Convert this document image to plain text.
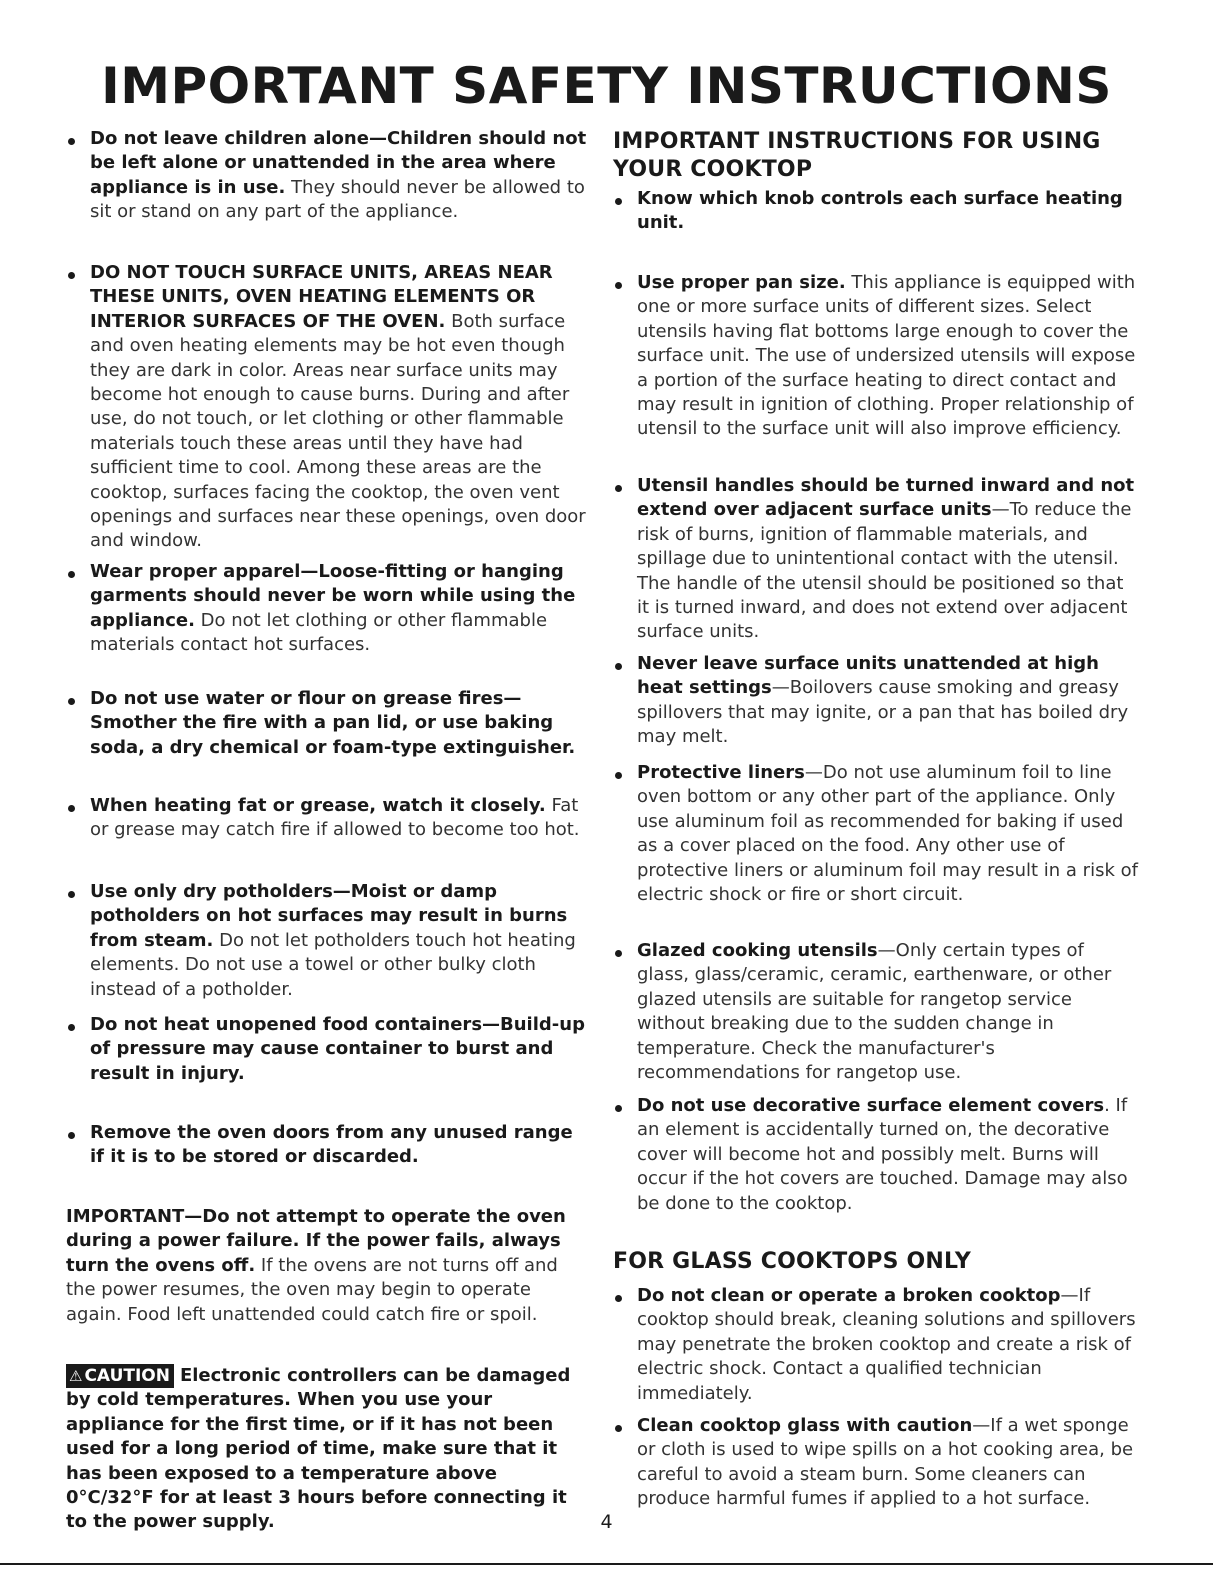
IMPORTANT SAFETY INSTRUCTIONS
Do not leave children alone—Children should not be left alone or unattended in the area where appliance is in use. They should never be allowed to sit or stand on any part of the appliance.
DO NOT TOUCH SURFACE UNITS, AREAS NEAR THESE UNITS, OVEN HEATING ELEMENTS OR INTERIOR SURFACES OF THE OVEN. Both surface and oven heating elements may be hot even though they are dark in color. Areas near surface units may become hot enough to cause burns. During and after use, do not touch, or let clothing or other flammable materials touch these areas until they have had sufficient time to cool. Among these areas are the cooktop, surfaces facing the cooktop, the oven vent openings and surfaces near these openings, oven door and window.
Wear proper apparel—Loose-fitting or hanging garments should never be worn while using the appliance. Do not let clothing or other flammable materials contact hot surfaces.
Do not use water or flour on grease fires—Smother the fire with a pan lid, or use baking soda, a dry chemical or foam-type extinguisher.
When heating fat or grease, watch it closely. Fat or grease may catch fire if allowed to become too hot.
Use only dry potholders—Moist or damp potholders on hot surfaces may result in burns from steam. Do not let potholders touch hot heating elements. Do not use a towel or other bulky cloth instead of a potholder.
Do not heat unopened food containers—Build-up of pressure may cause container to burst and result in injury.
Remove the oven doors from any unused range if it is to be stored or discarded.
IMPORTANT—Do not attempt to operate the oven during a power failure. If the power fails, always turn the ovens off. If the ovens are not turns off and the power resumes, the oven may begin to operate again. Food left unattended could catch fire or spoil.
⚠ CAUTION Electronic controllers can be damaged by cold temperatures. When you use your appliance for the first time, or if it has not been used for a long period of time, make sure that it has been exposed to a temperature above 0°C/32°F for at least 3 hours before connecting it to the power supply.
IMPORTANT INSTRUCTIONS FOR USING YOUR COOKTOP
Know which knob controls each surface heating unit.
Use proper pan size. This appliance is equipped with one or more surface units of different sizes. Select utensils having flat bottoms large enough to cover the surface unit. The use of undersized utensils will expose a portion of the surface heating to direct contact and may result in ignition of clothing. Proper relationship of utensil to the surface unit will also improve efficiency.
Utensil handles should be turned inward and not extend over adjacent surface units—To reduce the risk of burns, ignition of flammable materials, and spillage due to unintentional contact with the utensil. The handle of the utensil should be positioned so that it is turned inward, and does not extend over adjacent surface units.
Never leave surface units unattended at high heat settings—Boilovers cause smoking and greasy spillovers that may ignite, or a pan that has boiled dry may melt.
Protective liners—Do not use aluminum foil to line oven bottom or any other part of the appliance. Only use aluminum foil as recommended for baking if used as a cover placed on the food. Any other use of protective liners or aluminum foil may result in a risk of electric shock or fire or short circuit.
Glazed cooking utensils—Only certain types of glass, glass/ceramic, ceramic, earthenware, or other glazed utensils are suitable for rangetop service without breaking due to the sudden change in temperature. Check the manufacturer's recommendations for rangetop use.
Do not use decorative surface element covers. If an element is accidentally turned on, the decorative cover will become hot and possibly melt. Burns will occur if the hot covers are touched. Damage may also be done to the cooktop.
FOR GLASS COOKTOPS ONLY
Do not clean or operate a broken cooktop—If cooktop should break, cleaning solutions and spillovers may penetrate the broken cooktop and create a risk of electric shock. Contact a qualified technician immediately.
Clean cooktop glass with caution—If a wet sponge or cloth is used to wipe spills on a hot cooking area, be careful to avoid a steam burn. Some cleaners can produce harmful fumes if applied to a hot surface.
4
